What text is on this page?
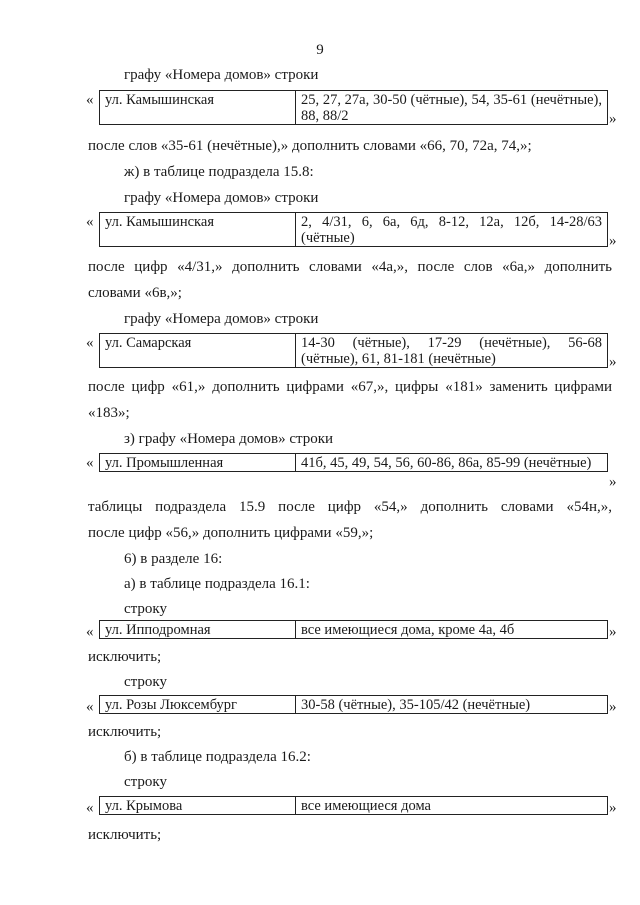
9
графу «Номера домов» строки
« ул. Камышинская	25, 27, 27а, 30-50 (чётные), 54, 35-61 (нечётные), 88, 88/2	»
после слов «35-61 (нечётные),» дополнить словами «66, 70, 72а, 74,»;
ж) в таблице подраздела 15.8:
графу «Номера домов» строки
« ул. Камышинская	2, 4/31, 6, 6а, 6д, 8-12, 12а, 12б, 14-28/63 (чётные)	»
после цифр «4/31,» дополнить словами «4а,», после слов «6а,» дополнить
словами «6в,»;
графу «Номера домов» строки
« ул. Самарская	14-30 (чётные), 17-29 (нечётные), 56-68 (чётные), 61, 81-181 (нечётные)	»
после цифр «61,» дополнить цифрами «67,», цифры «181» заменить цифрами
«183»;
з) графу «Номера домов» строки
« ул. Промышленная	41б, 45, 49, 54, 56, 60-86, 86а, 85-99 (нечётные)
»
таблицы подраздела 15.9 после цифр «54,» дополнить словами «54н,»,
после цифр «56,» дополнить цифрами «59,»;
6) в разделе 16:
а) в таблице подраздела 16.1:
строку
« ул. Ипподромная	все имеющиеся дома, кроме 4а, 4б	»
исключить;
строку
« ул. Розы Люксембург	30-58 (чётные), 35-105/42 (нечётные)	»
исключить;
б) в таблице подраздела 16.2:
строку
« ул. Крымова	все имеющиеся дома	»
исключить;
